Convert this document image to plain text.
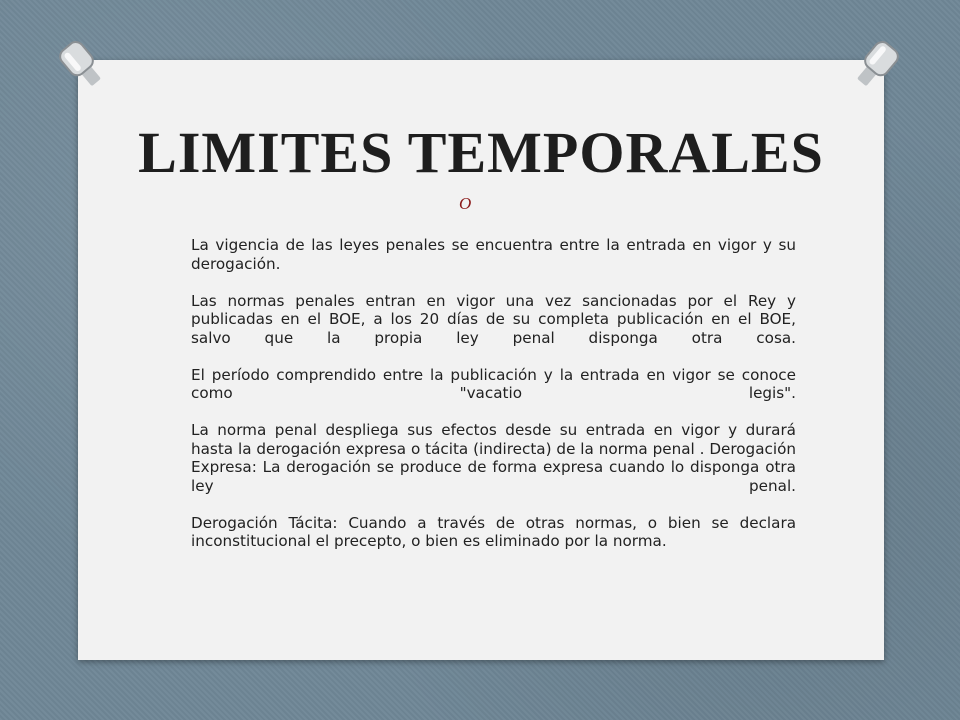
LIMITES TEMPORALES
O

La vigencia de las leyes penales se encuentra entre la entrada en vigor y su derogación.

Las normas penales entran en vigor una vez sancionadas por el Rey y publicadas en el BOE, a los 20 días de su completa publicación en el BOE, salvo que la propia ley penal disponga otra cosa.

El período comprendido entre la publicación y la entrada en vigor se conoce como "vacatio legis".

La norma penal despliega sus efectos desde su entrada en vigor y durará hasta la derogación expresa o tácita (indirecta) de la norma penal . Derogación Expresa: La derogación se produce de forma expresa cuando lo disponga otra ley penal.

Derogación Tácita: Cuando a través de otras normas, o bien se declara inconstitucional el precepto, o bien es eliminado por la norma.
